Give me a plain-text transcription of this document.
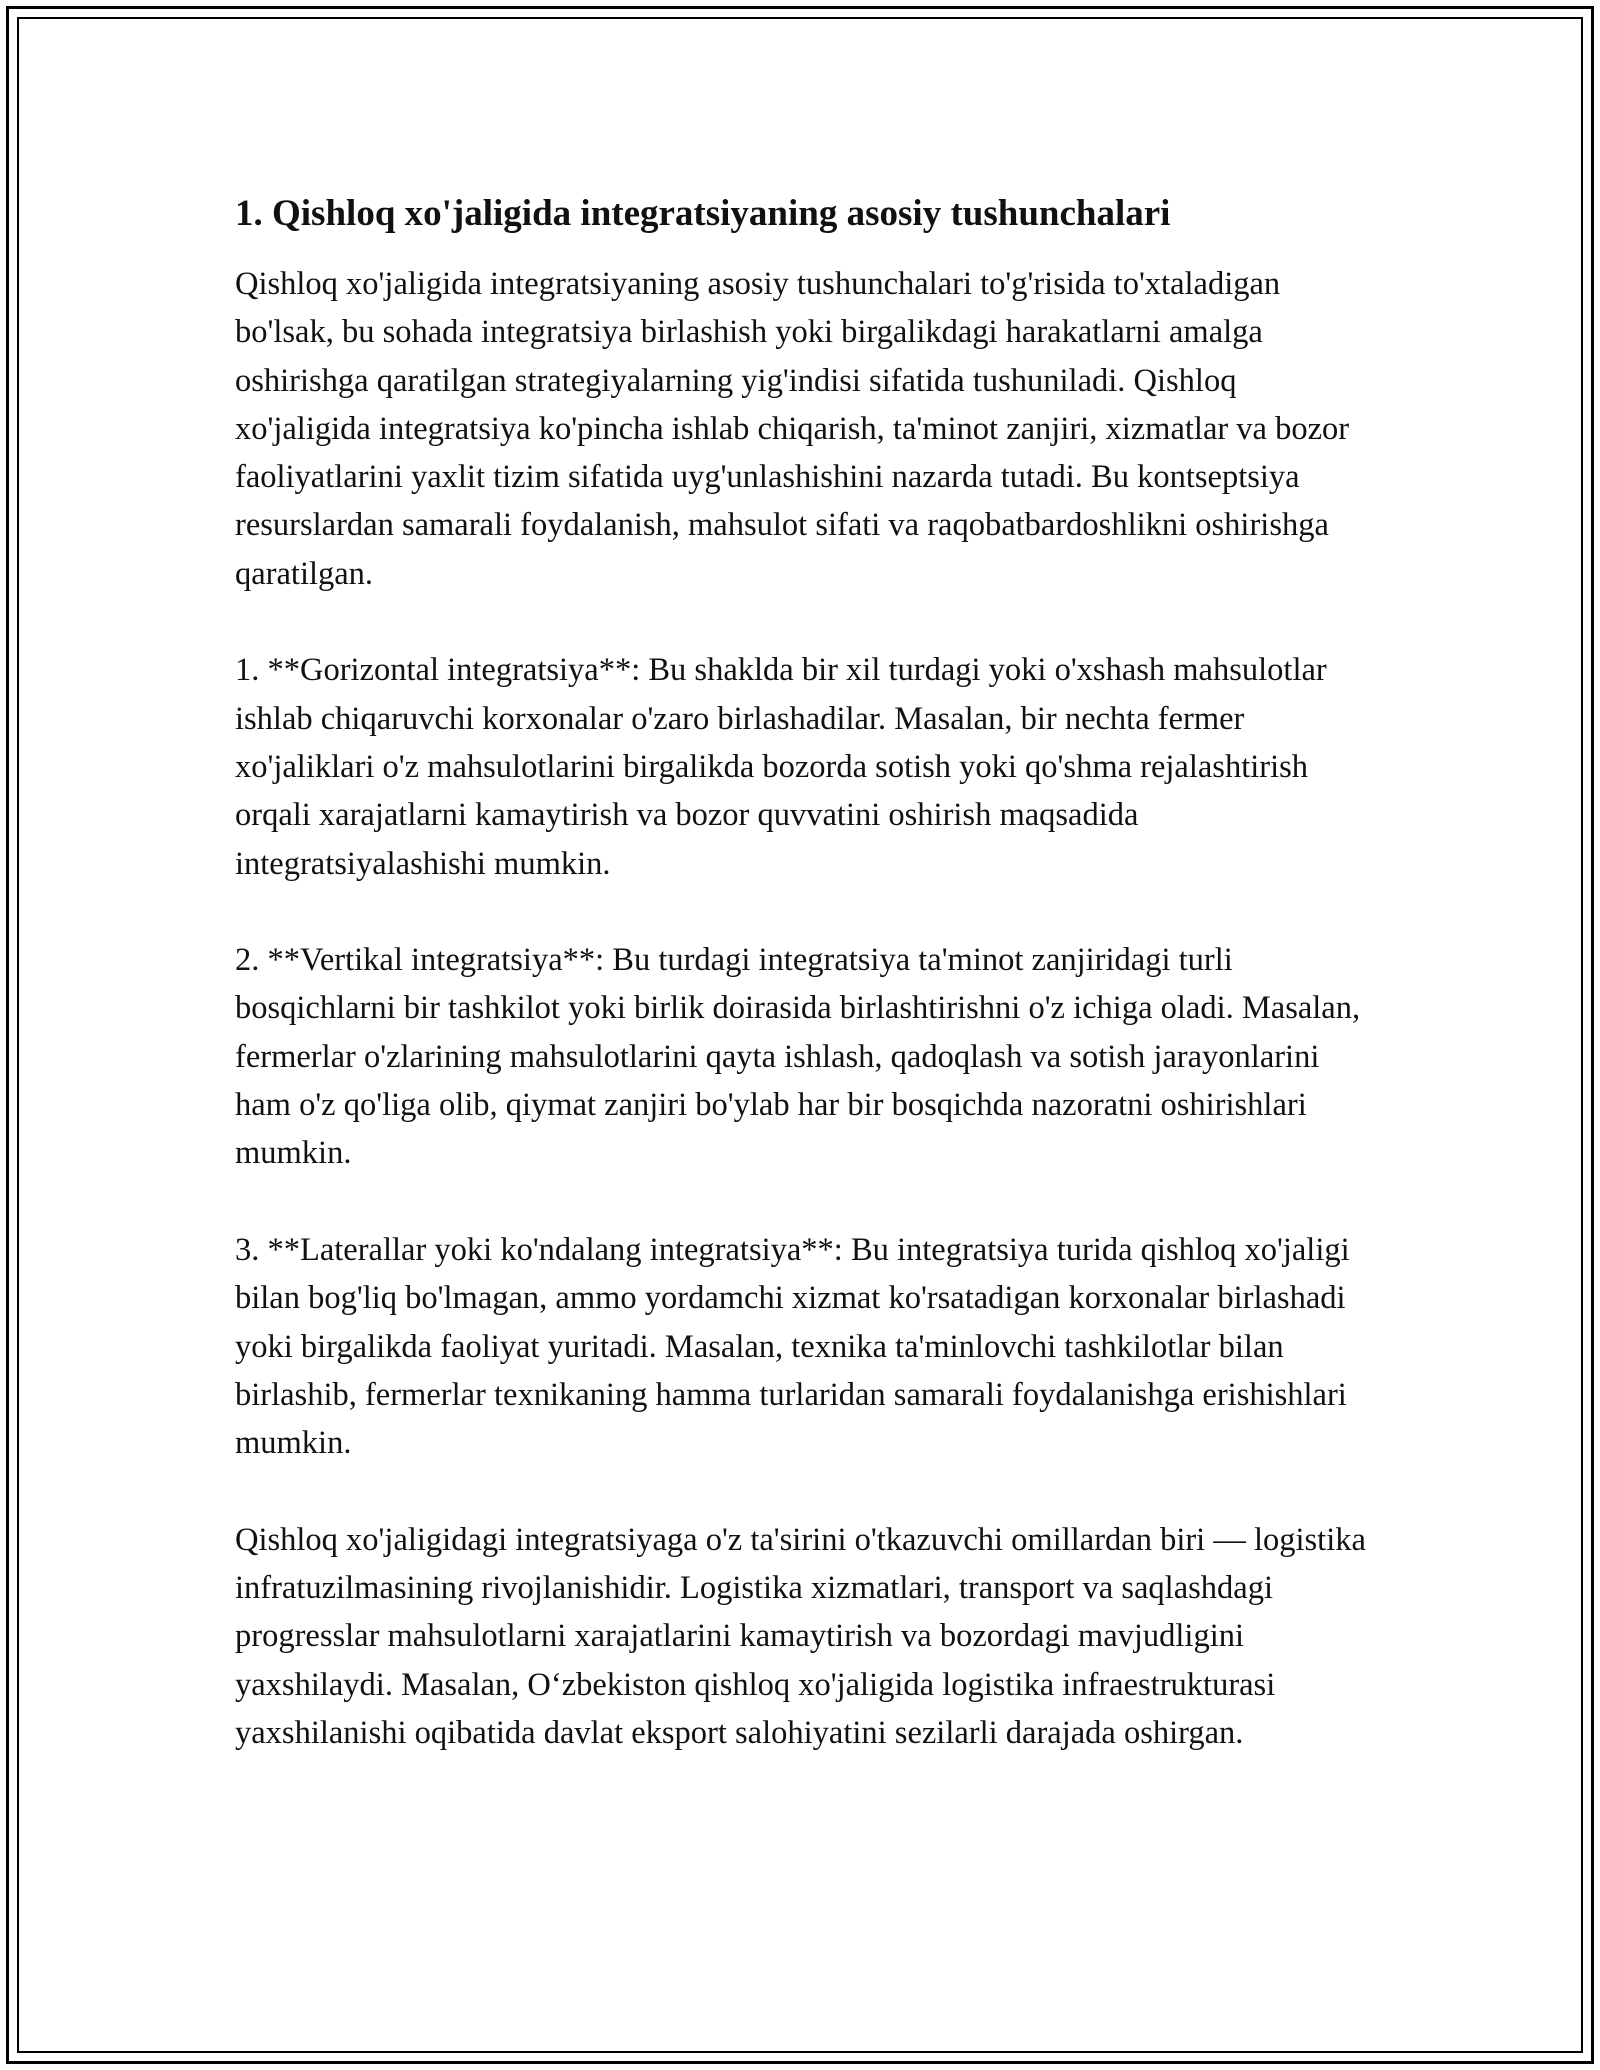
1. Qishloq xo'jaligida integratsiyaning asosiy tushunchalari

Qishloq xo'jaligida integratsiyaning asosiy tushunchalari to'g'risida to'xtaladigan bo'lsak, bu sohada integratsiya birlashish yoki birgalikdagi harakatlarni amalga oshirishga qaratilgan strategiyalarning yig'indisi sifatida tushuniladi. Qishloq xo'jaligida integratsiya ko'pincha ishlab chiqarish, ta'minot zanjiri, xizmatlar va bozor faoliyatlarini yaxlit tizim sifatida uyg'unlashishini nazarda tutadi. Bu kontseptsiya resurslardan samarali foydalanish, mahsulot sifati va raqobatbardoshlikni oshirishga qaratilgan.

1. **Gorizontal integratsiya**: Bu shaklda bir xil turdagi yoki o'xshash mahsulotlar ishlab chiqaruvchi korxonalar o'zaro birlashadilar. Masalan, bir nechta fermer xo'jaliklari o'z mahsulotlarini birgalikda bozorda sotish yoki qo'shma rejalashtirish orqali xarajatlarni kamaytirish va bozor quvvatini oshirish maqsadida integratsiyalashishi mumkin.

2. **Vertikal integratsiya**: Bu turdagi integratsiya ta'minot zanjiridagi turli bosqichlarni bir tashkilot yoki birlik doirasida birlashtirishni o'z ichiga oladi. Masalan, fermerlar o'zlarining mahsulotlarini qayta ishlash, qadoqlash va sotish jarayonlarini ham o'z qo'liga olib, qiymat zanjiri bo'ylab har bir bosqichda nazoratni oshirishlari mumkin.

3. **Laterallar yoki ko'ndalang integratsiya**: Bu integratsiya turida qishloq xo'jaligi bilan bog'liq bo'lmagan, ammo yordamchi xizmat ko'rsatadigan korxonalar birlashadi yoki birgalikda faoliyat yuritadi. Masalan, texnika ta'minlovchi tashkilotlar bilan birlashib, fermerlar texnikaning hamma turlaridan samarali foydalanishga erishishlari mumkin.

Qishloq xo'jaligidagi integratsiyaga o'z ta'sirini o'tkazuvchi omillardan biri — logistika infratuzilmasining rivojlanishidir. Logistika xizmatlari, transport va saqlashdagi progresslar mahsulotlarni xarajatlarini kamaytirish va bozordagi mavjudligini yaxshilaydi. Masalan, O‘zbekiston qishloq xo'jaligida logistika infraestrukturasi yaxshilanishi oqibatida davlat eksport salohiyatini sezilarli darajada oshirgan.
